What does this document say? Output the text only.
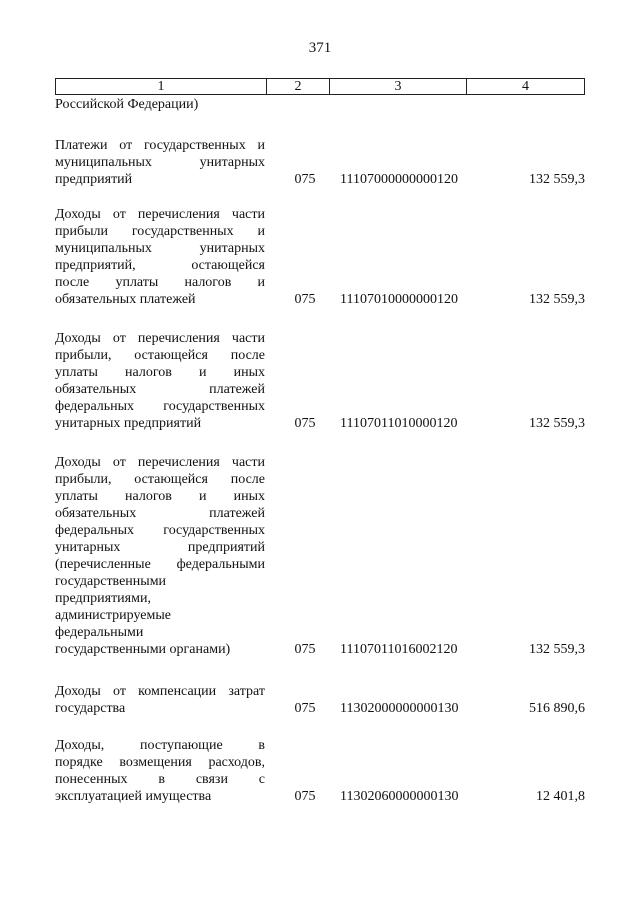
371
1	2	3	4
Российской Федерации)
Платежи от государственных и
муниципальных унитарных
предприятий	075	11107000000000120	132 559,3
Доходы от перечисления части
прибыли государственных и
муниципальных унитарных
предприятий, остающейся
после уплаты налогов и
обязательных платежей	075	11107010000000120	132 559,3
Доходы от перечисления части
прибыли, остающейся после
уплаты налогов и иных
обязательных платежей
федеральных государственных
унитарных предприятий	075	11107011010000120	132 559,3
Доходы от перечисления части
прибыли, остающейся после
уплаты налогов и иных
обязательных платежей
федеральных государственных
унитарных предприятий
(перечисленные федеральными
государственными
предприятиями,
администрируемые
федеральными
государственными органами)	075	11107011016002120	132 559,3
Доходы от компенсации затрат
государства	075	11302000000000130	516 890,6
Доходы, поступающие в
порядке возмещения расходов,
понесенных в связи с
эксплуатацией имущества	075	11302060000000130	12 401,8
